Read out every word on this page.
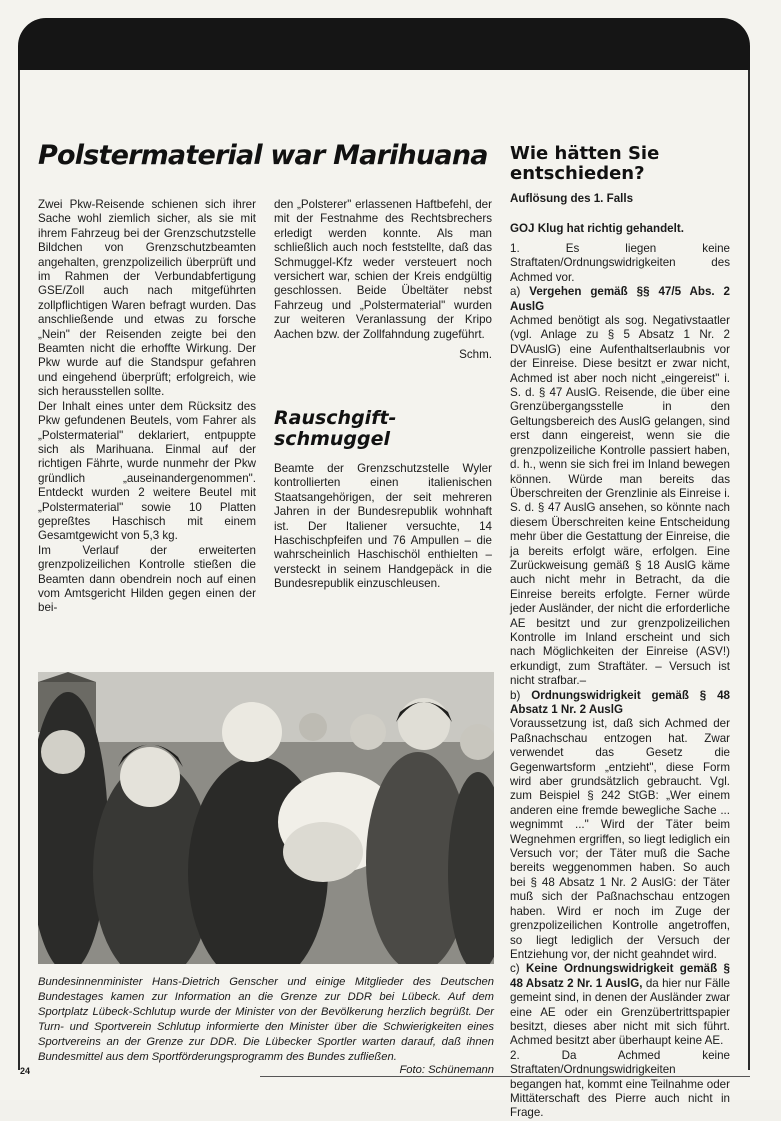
Polstermaterial war Marihuana

Zwei Pkw-Reisende schienen sich ihrer Sache wohl ziemlich sicher, als sie mit ihrem Fahrzeug bei der Grenzschutzstelle Bildchen von Grenzschutzbeamten angehalten, grenzpolizeilich überprüft und im Rahmen der Verbundabfertigung GSE/Zoll auch nach mitgeführten zollpflichtigen Waren befragt wurden. Das anschließende und etwas zu forsche „Nein" der Reisenden zeigte bei den Beamten nicht die erhoffte Wirkung. Der Pkw wurde auf die Standspur gefahren und eingehend überprüft; erfolgreich, wie sich herausstellen sollte.

Der Inhalt eines unter dem Rücksitz des Pkw gefundenen Beutels, vom Fahrer als „Polstermaterial" deklariert, entpuppte sich als Marihuana. Einmal auf der richtigen Fährte, wurde nunmehr der Pkw gründlich „auseinandergenommen". Entdeckt wurden 2 weitere Beutel mit „Polstermaterial" sowie 10 Platten gepreßtes Haschisch mit einem Gesamtgewicht von 5,3 kg.

Im Verlauf der erweiterten grenzpolizeilichen Kontrolle stießen die Beamten dann obendrein noch auf einen vom Amtsgericht Hilden gegen einen der bei-

den „Polsterer" erlassenen Haftbefehl, der mit der Festnahme des Rechtsbrechers erledigt werden konnte. Als man schließlich auch noch feststellte, daß das Schmuggel-Kfz weder versteuert noch versichert war, schien der Kreis endgültig geschlossen. Beide Übeltäter nebst Fahrzeug und „Polstermaterial" wurden zur weiteren Veranlassung der Kripo Aachen bzw. der Zollfahndung zugeführt.

Schm.

Rauschgift-
schmuggel

Beamte der Grenzschutzstelle Wyler kontrollierten einen italienischen Staatsangehörigen, der seit mehreren Jahren in der Bundesrepublik wohnhaft ist. Der Italiener versuchte, 14 Haschischpfeifen und 76 Ampullen – die wahrscheinlich Haschischöl enthielten – versteckt in seinem Handgepäck in die Bundesrepublik einzuschleusen.

Wie hätten Sie entschieden?
Auflösung des 1. Falls
GOJ Klug hat richtig gehandelt.

1. Es liegen keine Straftaten/Ordnungswidrigkeiten des Achmed vor.

a) Vergehen gemäß §§ 47/5 Abs. 2 AuslG

Achmed benötigt als sog. Negativstaatler (vgl. Anlage zu § 5 Absatz 1 Nr. 2 DVAuslG) eine Aufenthaltserlaubnis vor der Einreise. Diese besitzt er zwar nicht, Achmed ist aber noch nicht „eingereist" i. S. d. § 47 AuslG. Reisende, die über eine Grenzübergangsstelle in den Geltungsbereich des AuslG gelangen, sind erst dann eingereist, wenn sie die grenzpolizeiliche Kontrolle passiert haben, d. h., wenn sie sich frei im Inland bewegen können. Würde man bereits das Überschreiten der Grenzlinie als Einreise i. S. d. § 47 AuslG ansehen, so könnte nach diesem Überschreiten keine Entscheidung mehr über die Gestattung der Einreise, die ja bereits erfolgt wäre, erfolgen. Eine Zurückweisung gemäß § 18 AuslG käme auch nicht mehr in Betracht, da die Einreise bereits erfolgte. Ferner würde jeder Ausländer, der nicht die erforderliche AE besitzt und zur grenzpolizeilichen Kontrolle im Inland erscheint und sich nach Möglichkeiten der Einreise (ASV!) erkundigt, zum Straftäter. – Versuch ist nicht strafbar.–

b) Ordnungswidrigkeit gemäß § 48 Absatz 1 Nr. 2 AuslG

Voraussetzung ist, daß sich Achmed der Paßnachschau entzogen hat. Zwar verwendet das Gesetz die Gegenwartsform „entzieht", diese Form wird aber grundsätzlich gebraucht. Vgl. zum Beispiel § 242 StGB: „Wer einem anderen eine fremde bewegliche Sache ... wegnimmt ..." Wird der Täter beim Wegnehmen ergriffen, so liegt lediglich ein Versuch vor; der Täter muß die Sache bereits weggenommen haben. So auch bei § 48 Absatz 1 Nr. 2 AuslG: der Täter muß sich der Paßnachschau entzogen haben. Wird er noch im Zuge der grenzpolizeilichen Kontrolle angetroffen, so liegt lediglich der Versuch der Entziehung vor, der nicht geahndet wird.

c) Keine Ordnungswidrigkeit gemäß § 48 Absatz 2 Nr. 1 AuslG, da hier nur Fälle gemeint sind, in denen der Ausländer zwar eine AE oder ein Grenzübertrittspapier besitzt, dieses aber nicht mit sich führt. Achmed besitzt aber überhaupt keine AE.

2. Da Achmed keine Straftaten/Ordnungswidrigkeiten begangen hat, kommt eine Teilnahme oder Mittäterschaft des Pierre auch nicht in Frage.

Bundesinnenminister Hans-Dietrich Genscher und einige Mitglieder des Deutschen Bundestages kamen zur Information an die Grenze zur DDR bei Lübeck. Auf dem Sportplatz Lübeck-Schlutup wurde der Minister von der Bevölkerung herzlich begrüßt. Der Turn- und Sportverein Schlutup informierte den Minister über die Schwierigkeiten eines Sportvereins an der Grenze zur DDR. Die Lübecker Sportler warten darauf, daß ihnen Bundesmittel aus dem Sportförderungsprogramm des Bundes zufließen.

Foto: Schünemann
24
